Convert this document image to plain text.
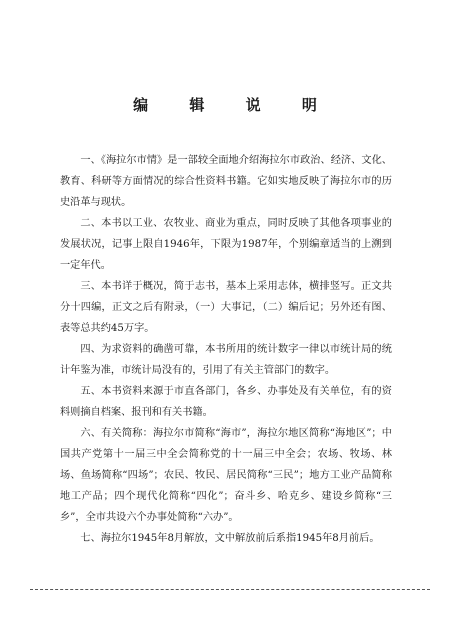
编 辑 说 明

一、《海拉尔市情》是一部较全面地介绍海拉尔市政治、经济、文化、教育、科研等方面情况的综合性资料书籍。它如实地反映了海拉尔市的历史沿革与现状。

二、本书以工业、农牧业、商业为重点，同时反映了其他各项事业的发展状况，记事上限自1946年，下限为1987年，个别编章适当的上溯到一定年代。

三、本书详于概况，简于志书，基本上采用志体，横排竖写。正文共分十四编，正文之后有附录，（一）大事记，（二）编后记；另外还有图、表等总共约45万字。

四、为求资料的确凿可靠，本书所用的统计数字一律以市统计局的统计年鉴为准，市统计局没有的，引用了有关主管部门的数字。

五、本书资料来源于市直各部门，各乡、办事处及有关单位，有的资料则摘自档案、报刊和有关书籍。

六、有关简称：海拉尔市简称“海市”，海拉尔地区简称“海地区”；中国共产党第十一届三中全会简称党的十一届三中全会；农场、牧场、林场、鱼场简称“四场”；农民、牧民、居民简称“三民”；地方工业产品简称地工产品；四个现代化简称“四化”；奋斗乡、哈克乡、建设乡简称“三乡”，全市共设六个办事处简称“六办”。

七、海拉尔1945年8月解放，文中解放前后系指1945年8月前后。
